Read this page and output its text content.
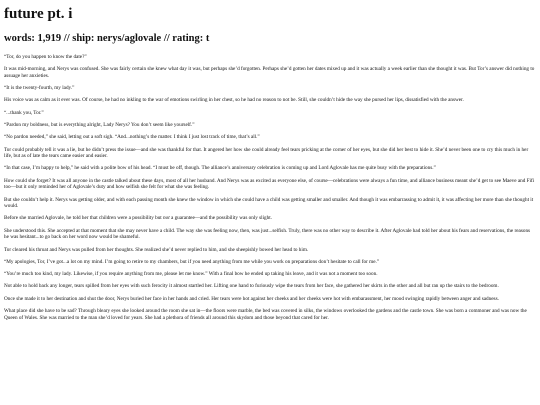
future pt. i
words: 1,919 // ship: nerys/aglovale // rating: t

“Tor, do you happen to know the date?”

It was mid-morning, and Nerys was confused. She was fairly certain she knew what day it was, but perhaps she’d forgotten. Perhaps she’d gotten her dates mixed up and it was actually a week earlier than she thought it was. But Tor’s answer did nothing to assuage her anxieties.

“It is the twenty-fourth, my lady.”

His voice was as calm as it ever was. Of course, he had no inkling to the war of emotions swirling in her chest, so he had no reason to not be. Still, she couldn’t hide the way she pursed her lips, dissatisfied with the answer.

“...thank you, Tor.”

“Pardon my boldness, but is everything alright, Lady Nerys? You don’t seem like yourself.”

“No pardon needed,” she said, letting out a soft sigh. “And...nothing’s the matter. I think I just lost track of time, that’s all.”

Tor could probably tell it was a lie, but he didn’t press the issue—and she was thankful for that. It angered her how she could already feel tears pricking at the corner of her eyes, but she did her best to hide it. She’d never been one to cry this much in her life, but as of late the tears came easier and easier.

“In that case, I’m happy to help,” he said with a polite bow of his head. “I must be off, though. The alliance’s anniversary celebration is coming up and Lord Aglovale has me quite busy with the preparations.”

How could she forget? It was all anyone in the castle talked about these days, most of all her husband. And Nerys was as excited as everyone else, of course—celebrations were always a fun time, and alliance business meant she’d get to see Maeve and Fifi too—but it only reminded her of Aglovale’s duty and how selfish she felt for what she was feeling.

But she couldn’t help it. Nerys was getting older, and with each passing month she knew the window in which she could have a child was getting smaller and smaller. And though it was embarrassing to admit it, it was affecting her more than she thought it would.

Before she married Aglovale, he told her that children were a possibility but not a guarantee—and the possibility was only slight.

She understood this. She accepted at that moment that she may never have a child. The way she was feeling now, then, was just...selfish. Truly, there was no other way to describe it. After Aglovale had told her about his fears and reservations, the reasons he was hesitant...to go back on her word now would be shameful.

Tor cleared his throat and Nerys was pulled from her thoughts. She realized she’d never replied to him, and she sheepishly bowed her head to him.

“My apologies, Tor, I’ve got...a lot on my mind. I’m going to retire to my chambers, but if you need anything from me while you work on preparations don’t hesitate to call for me.”

“You’re much too kind, my lady. Likewise, if you require anything from me, please let me know.” With a final bow he ended up taking his leave, and it was not a moment too soon.

Not able to hold back any longer, tears spilled from her eyes with such ferocity it almost startled her. Lifting one hand to furiously wipe the tears from her face, she gathered her skirts in the other and all but ran up the stairs to the bedroom.

Once she made it to her destination and shut the door, Nerys buried her face in her hands and cried. Her tears were hot against her cheeks and her cheeks were hot with embarassment, her mood swinging rapidly between anger and sadness.

What place did she have to be sad? Through bleary eyes she looked around the room she sat in—the floors were marble, the bed was covered in silks, the windows overlooked the gardens and the castle town. She was born a commoner and was now the Queen of Wales. She was married to the man she’d loved for years. She had a plethora of friends all around this skydom and those beyond that cared for her.
